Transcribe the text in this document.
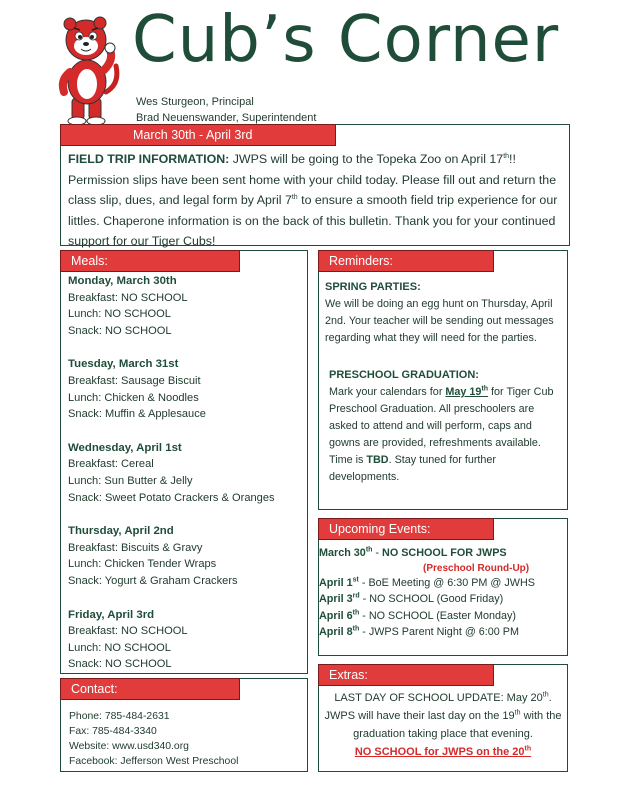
Cub’s Corner
Wes Sturgeon, Principal
Brad Neuenswander, Superintendent
FIELD TRIP INFORMATION: JWPS will be going to the Topeka Zoo on April 17th!! Permission slips have been sent home with your child today. Please fill out and return the class slip, dues, and legal form by April 7th to ensure a smooth field trip experience for our littles. Chaperone information is on the back of this bulletin. Thank you for your continued support for our Tiger Cubs!
March 30th - April 3rd
Monday, March 30th
Breakfast: NO SCHOOL
Lunch: NO SCHOOL
Snack: NO SCHOOL
Tuesday, March 31st
Breakfast: Sausage Biscuit
Lunch: Chicken & Noodles
Snack: Muffin & Applesauce
Wednesday, April 1st
Breakfast: Cereal
Lunch: Sun Butter & Jelly
Snack: Sweet Potato Crackers & Oranges
Thursday, April 2nd
Breakfast: Biscuits & Gravy
Lunch: Chicken Tender Wraps
Snack: Yogurt & Graham Crackers
Friday, April 3rd
Breakfast: NO SCHOOL
Lunch: NO SCHOOL
Snack: NO SCHOOL
Meals:
SPRING PARTIES:
We will be doing an egg hunt on Thursday, April 2nd. Your teacher will be sending out messages regarding what they will need for the parties.
PRESCHOOL GRADUATION:
Mark your calendars for May 19th for Tiger Cub Preschool Graduation. All preschoolers are asked to attend and will perform, caps and gowns are provided, refreshments available. Time is TBD. Stay tuned for further developments.
Reminders:
March 30th - NO SCHOOL FOR JWPS
(Preschool Round-Up)
April 1st - BoE Meeting @ 6:30 PM @ JWHS
April 3rd - NO SCHOOL (Good Friday)
April 6th - NO SCHOOL (Easter Monday)
April 8th - JWPS Parent Night @ 6:00 PM
Upcoming Events:
Phone: 785-484-2631
Fax: 785-484-3340
Website: www.usd340.org
Facebook: Jefferson West Preschool
Contact:
LAST DAY OF SCHOOL UPDATE: May 20th. JWPS will have their last day on the 19th with the graduation taking place that evening.
NO SCHOOL for JWPS on the 20th
Extras:
